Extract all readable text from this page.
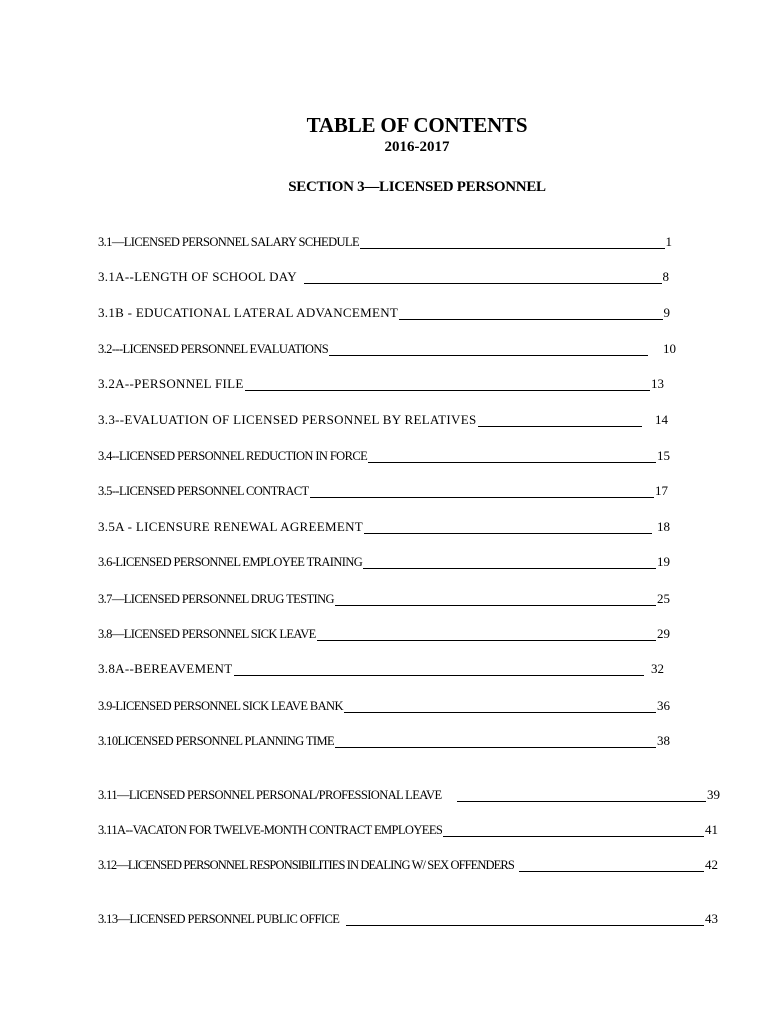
TABLE OF CONTENTS
2016-2017
SECTION 3—LICENSED PERSONNEL
3.1—LICENSED PERSONNEL SALARY SCHEDULE	1
3.1A--LENGTH OF SCHOOL DAY	8
3.1B - EDUCATIONAL LATERAL ADVANCEMENT	9
3.2---LICENSED PERSONNEL EVALUATIONS	10
3.2A--PERSONNEL FILE	13
3.3--EVALUATION OF LICENSED PERSONNEL BY RELATIVES	14
3.4--LICENSED PERSONNEL REDUCTION IN FORCE	15
3.5--LICENSED PERSONNEL CONTRACT	17
3.5A - LICENSURE RENEWAL AGREEMENT	18
3.6-LICENSED PERSONNEL EMPLOYEE TRAINING	19
3.7—LICENSED PERSONNEL DRUG TESTING	25
3.8—LICENSED PERSONNEL SICK LEAVE	29
3.8A--BEREAVEMENT	32
3.9-LICENSED PERSONNEL SICK LEAVE BANK	36
3.10LICENSED PERSONNEL PLANNING TIME	38
3.11—LICENSED PERSONNEL PERSONAL/PROFESSIONAL LEAVE	39
3.11A--VACATON FOR TWELVE-MONTH CONTRACT EMPLOYEES	41
3.12—LICENSED PERSONNEL RESPONSIBILITIES IN DEALING W/ SEX OFFENDERS	42
3.13—LICENSED PERSONNEL PUBLIC OFFICE	43
